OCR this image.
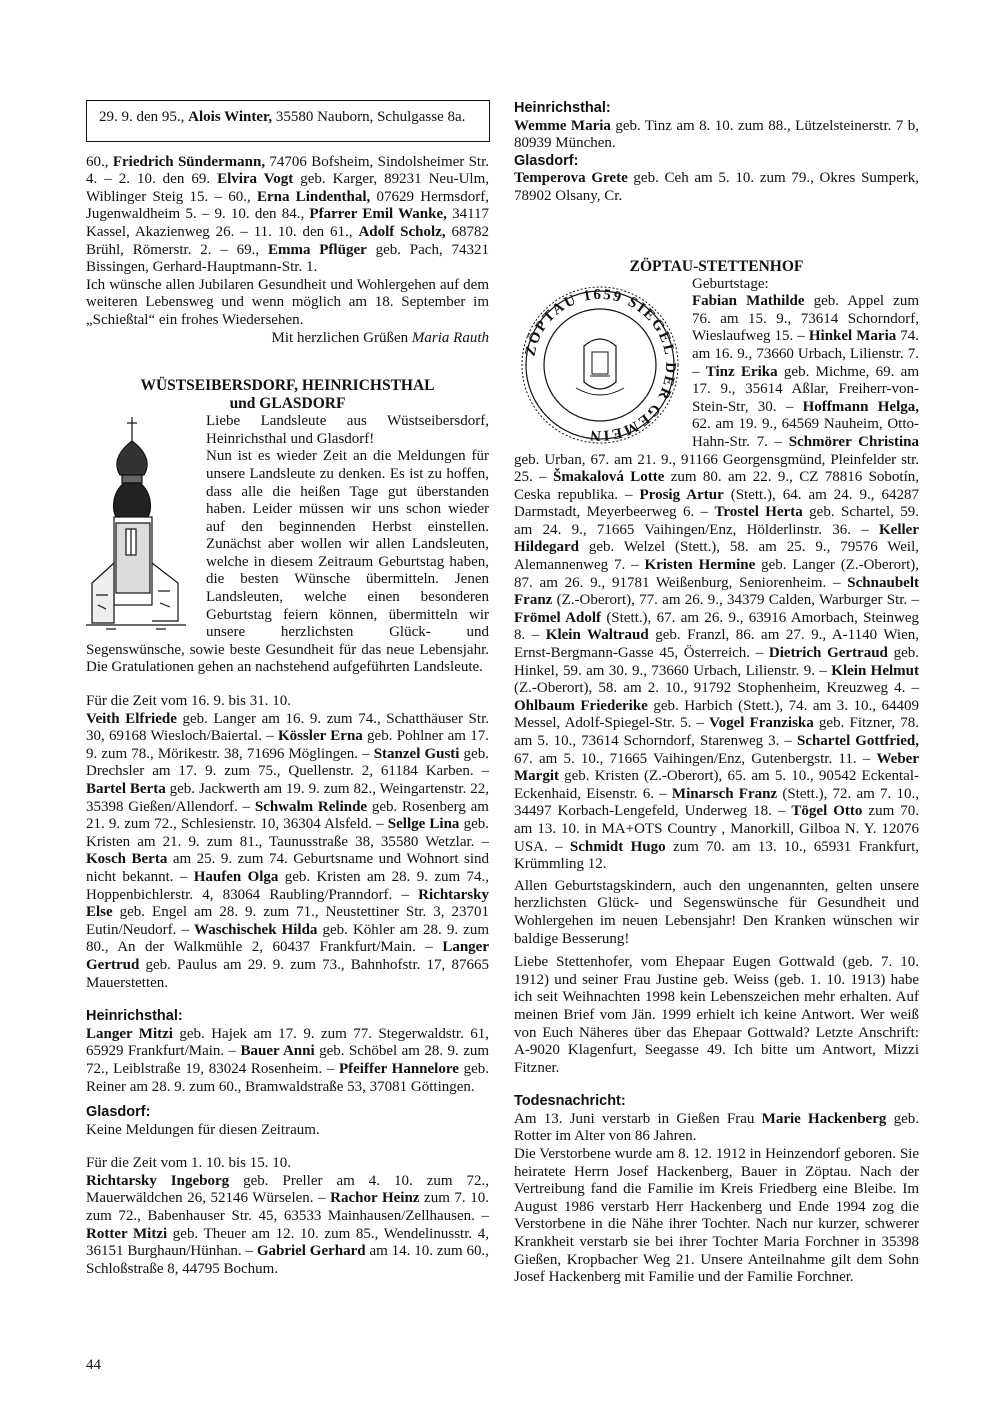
29. 9. den 95., Alois Winter, 35580 Nauborn, Schulgasse 8a.

60., Friedrich Sündermann, 74706 Bofsheim, Sindolsheimer Str. 4. – 2. 10. den 69. Elvira Vogt geb. Karger, 89231 Neu-Ulm, Wiblinger Steig 15. – 60., Erna Lindenthal, 07629 Hermsdorf, Jugenwaldheim 5. – 9. 10. den 84., Pfarrer Emil Wanke, 34117 Kassel, Akazienweg 26. – 11. 10. den 61., Adolf Scholz, 68782 Brühl, Römerstr. 2. – 69., Emma Pflüger geb. Pach, 74321 Bissingen, Gerhard-Hauptmann-Str. 1.

Ich wünsche allen Jubilaren Gesundheit und Wohlergehen auf dem weiteren Lebensweg und wenn möglich am 18. September im „Schießtal“ ein frohes Wiedersehen.

Mit herzlichen Grüßen Maria Rauth

WÜSTSEIBERSDORF, HEINRICHSTHAL
und GLASDORF

Liebe Landsleute aus Wüstseibersdorf, Heinrichsthal und Glasdorf!

Nun ist es wieder Zeit an die Meldungen für unsere Landsleute zu denken. Es ist zu hoffen, dass alle die heißen Tage gut überstanden haben. Leider müssen wir uns schon wieder auf den beginnenden Herbst einstellen. Zunächst aber wollen wir allen Landsleuten, welche in diesem Zeitraum Geburtstag haben, die besten Wünsche übermitteln. Jenen Landsleuten, welche einen besonderen Geburtstag feiern können, übermitteln wir unsere herzlichsten Glück- und Segenswünsche, sowie beste Gesundheit für das neue Lebensjahr. Die Gratulationen gehen an nachstehend aufgeführten Landsleute.

Für die Zeit vom 16. 9. bis 31. 10.

Veith Elfriede geb. Langer am 16. 9. zum 74., Schatthäuser Str. 30, 69168 Wiesloch/Baiertal. – Kössler Erna geb. Pohlner am 17. 9. zum 78., Mörikestr. 38, 71696 Möglingen. – Stanzel Gusti geb. Drechsler am 17. 9. zum 75., Quellenstr. 2, 61184 Karben. – Bartel Berta geb. Jackwerth am 19. 9. zum 82., Weingartenstr. 22, 35398 Gießen/Allendorf. – Schwalm Relinde geb. Rosenberg am 21. 9. zum 72., Schlesienstr. 10, 36304 Alsfeld. – Sellge Lina geb. Kristen am 21. 9. zum 81., Taunusstraße 38, 35580 Wetzlar. – Kosch Berta am 25. 9. zum 74. Geburtsname und Wohnort sind nicht bekannt. – Haufen Olga geb. Kristen am 28. 9. zum 74., Hoppenbichlerstr. 4, 83064 Raubling/Pranndorf. – Richtarsky Else geb. Engel am 28. 9. zum 71., Neustettiner Str. 3, 23701 Eutin/Neudorf. – Waschischek Hilda geb. Köhler am 28. 9. zum 80., An der Walkmühle 2, 60437 Frankfurt/Main. – Langer Gertrud geb. Paulus am 29. 9. zum 73., Bahnhofstr. 17, 87665 Mauerstetten.

Heinrichsthal:

Langer Mitzi geb. Hajek am 17. 9. zum 77. Stegerwaldstr. 61, 65929 Frankfurt/Main. – Bauer Anni geb. Schöbel am 28. 9. zum 72., Leiblstraße 19, 83024 Rosenheim. – Pfeiffer Hannelore geb. Reiner am 28. 9. zum 60., Bramwaldstraße 53, 37081 Göttingen.

Glasdorf:

Keine Meldungen für diesen Zeitraum.

Für die Zeit vom 1. 10. bis 15. 10.

Richtarsky Ingeborg geb. Preller am 4. 10. zum 72., Mauerwäldchen 26, 52146 Würselen. – Rachor Heinz zum 7. 10. zum 72., Babenhauser Str. 45, 63533 Mainhausen/Zellhausen. – Rotter Mitzi geb. Theuer am 12. 10. zum 85., Wendelinusstr. 4, 36151 Burghaun/Hünhan. – Gabriel Gerhard am 14. 10. zum 60., Schloßstraße 8, 44795 Bochum.

Heinrichsthal:

Wemme Maria geb. Tinz am 8. 10. zum 88., Lützelsteinerstr. 7 b, 80939 München.

Glasdorf:

Temperova Grete geb. Ceh am 5. 10. zum 79., Okres Sumperk, 78902 Olsany, Cr.

ZÖPTAU-STETTENHOF
ZÖPTAU 1659 SIEGEL DER GEMEIN

Geburtstage:

Fabian Mathilde geb. Appel zum 76. am 15. 9., 73614 Schorndorf, Wieslaufweg 15. – Hinkel Maria 74. am 16. 9., 73660 Urbach, Lilienstr. 7. – Tinz Erika geb. Michme, 69. am 17. 9., 35614 Aßlar, Freiherr-von-Stein-Str, 30. – Hoffmann Helga, 62. am 19. 9., 64569 Nauheim, Otto-Hahn-Str. 7. – Schmörer Christina geb. Urban, 67. am 21. 9., 91166 Georgensgmünd, Pleinfelder str. 25. – Šmakalová Lotte zum 80. am 22. 9., CZ 78816 Sobotín, Ceska republika. – Prosig Artur (Stett.), 64. am 24. 9., 64287 Darmstadt, Meyerbeerweg 6. – Trostel Herta geb. Schartel, 59. am 24. 9., 71665 Vaihingen/Enz, Hölderlinstr. 36. – Keller Hildegard geb. Welzel (Stett.), 58. am 25. 9., 79576 Weil, Alemannenweg 7. – Kristen Hermine geb. Langer (Z.-Oberort), 87. am 26. 9., 91781 Weißenburg, Seniorenheim. – Schnaubelt Franz (Z.-Oberort), 77. am 26. 9., 34379 Calden, Warburger Str. – Frömel Adolf (Stett.), 67. am 26. 9., 63916 Amorbach, Steinweg 8. – Klein Waltraud geb. Franzl, 86. am 27. 9., A-1140 Wien, Ernst-Bergmann-Gasse 45, Österreich. – Dietrich Gertraud geb. Hinkel, 59. am 30. 9., 73660 Urbach, Lilienstr. 9. – Klein Helmut (Z.-Oberort), 58. am 2. 10., 91792 Stophenheim, Kreuzweg 4. – Ohlbaum Friederike geb. Harbich (Stett.), 74. am 3. 10., 64409 Messel, Adolf-Spiegel-Str. 5. – Vogel Franziska geb. Fitzner, 78. am 5. 10., 73614 Schorndorf, Starenweg 3. – Schartel Gottfried, 67. am 5. 10., 71665 Vaihingen/Enz, Gutenbergstr. 11. – Weber Margit geb. Kristen (Z.-Oberort), 65. am 5. 10., 90542 Eckental-Eckenhaid, Eisenstr. 6. – Minarsch Franz (Stett.), 72. am 7. 10., 34497 Korbach-Lengefeld, Underweg 18. – Tögel Otto zum 70. am 13. 10. in MA+OTS Country , Manorkill, Gilboa N. Y. 12076 USA. – Schmidt Hugo zum 70. am 13. 10., 65931 Frankfurt, Krümmling 12.

Allen Geburtstagskindern, auch den ungenannten, gelten unsere herzlichsten Glück- und Segenswünsche für Gesundheit und Wohlergehen im neuen Lebensjahr! Den Kranken wünschen wir baldige Besserung!

Liebe Stettenhofer, vom Ehepaar Eugen Gottwald (geb. 7. 10. 1912) und seiner Frau Justine geb. Weiss (geb. 1. 10. 1913) habe ich seit Weihnachten 1998 kein Lebenszeichen mehr erhalten. Auf meinen Brief vom Jän. 1999 erhielt ich keine Antwort. Wer weiß von Euch Näheres über das Ehepaar Gottwald? Letzte Anschrift: A-9020 Klagenfurt, Seegasse 49. Ich bitte um Antwort, Mizzi Fitzner.

Todesnachricht:

Am 13. Juni verstarb in Gießen Frau Marie Hackenberg geb. Rotter im Alter von 86 Jahren.

Die Verstorbene wurde am 8. 12. 1912 in Heinzendorf geboren. Sie heiratete Herrn Josef Hackenberg, Bauer in Zöptau. Nach der Vertreibung fand die Familie im Kreis Friedberg eine Bleibe. Im August 1986 verstarb Herr Hackenberg und Ende 1994 zog die Verstorbene in die Nähe ihrer Tochter. Nach nur kurzer, schwerer Krankheit verstarb sie bei ihrer Tochter Maria Forchner in 35398 Gießen, Kropbacher Weg 21. Unsere Anteilnahme gilt dem Sohn Josef Hackenberg mit Familie und der Familie Forchner.

44
